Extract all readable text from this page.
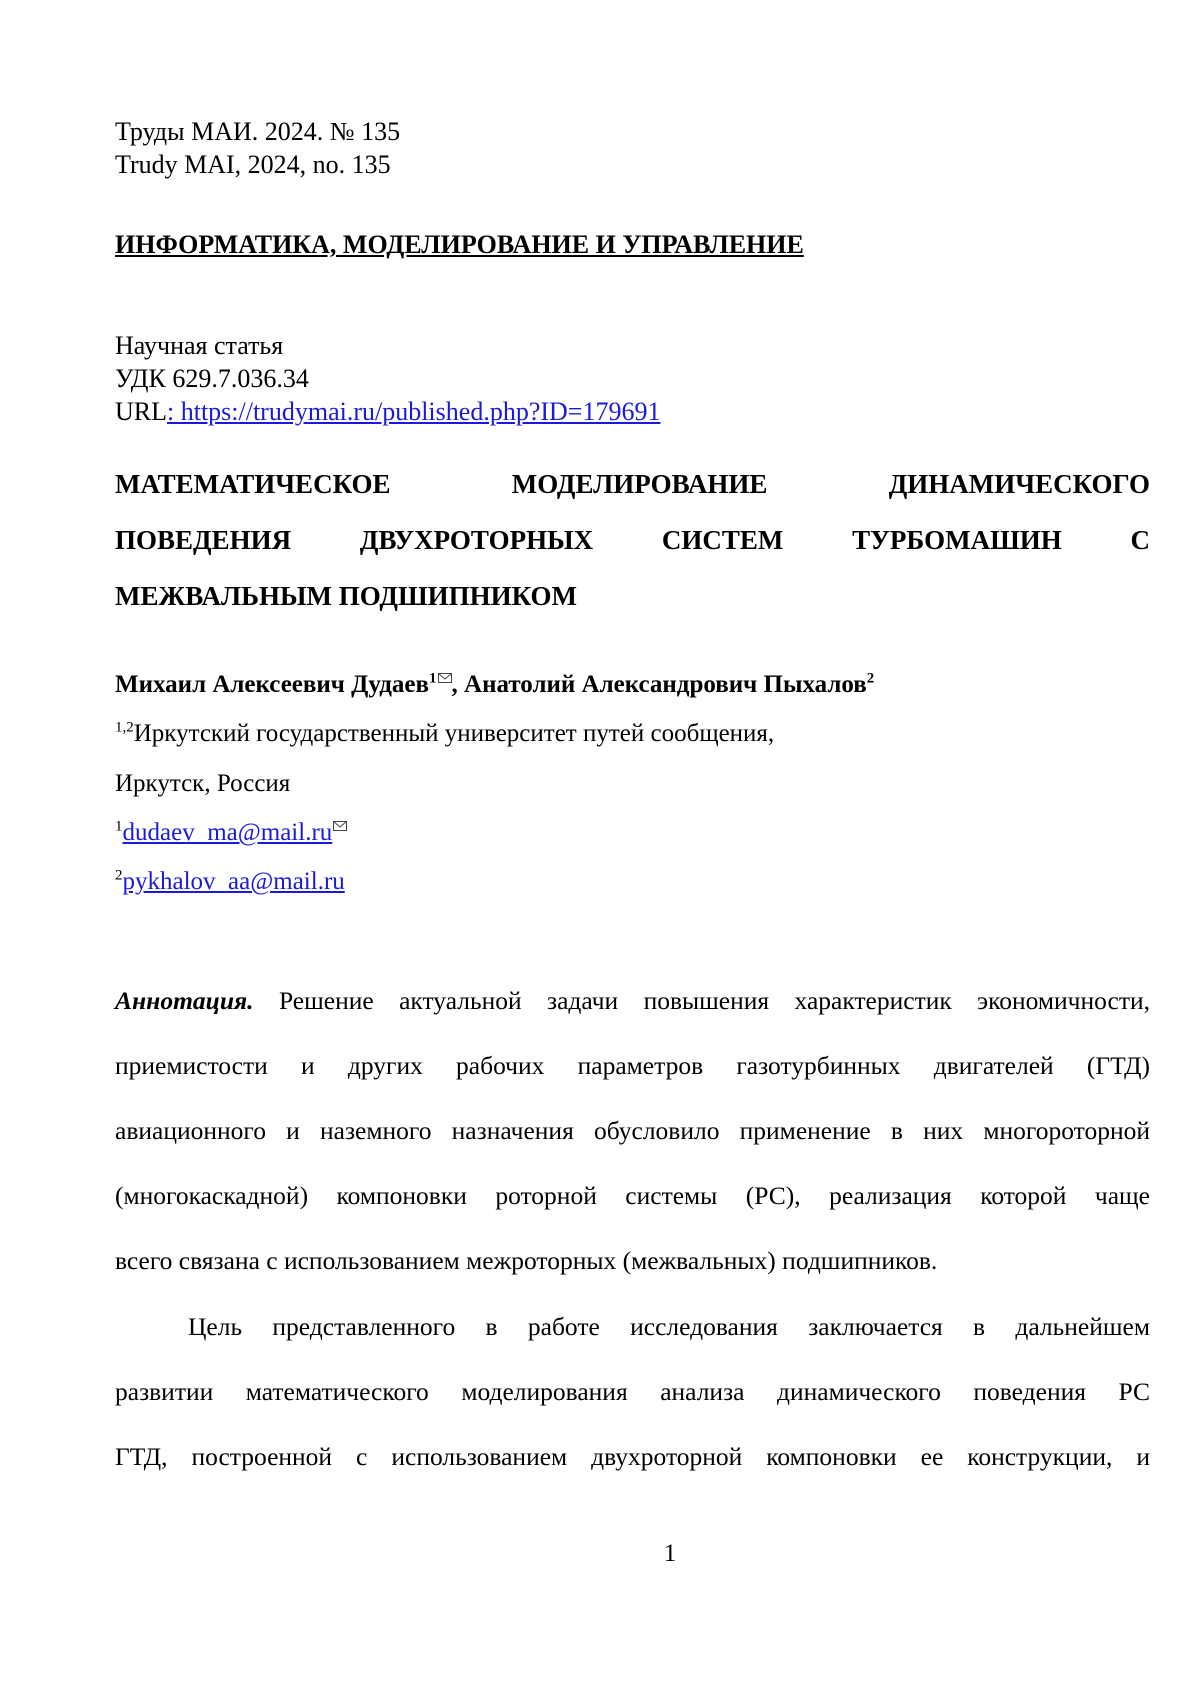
Труды МАИ. 2024. № 135
Trudy MAI, 2024, no. 135
ИНФОРМАТИКА, МОДЕЛИРОВАНИЕ И УПРАВЛЕНИЕ
Научная статья
УДК 629.7.036.34
URL: https://trudymai.ru/published.php?ID=179691
МАТЕМАТИЧЕСКОЕ МОДЕЛИРОВАНИЕ ДИНАМИЧЕСКОГО
ПОВЕДЕНИЯ ДВУХРОТОРНЫХ СИСТЕМ ТУРБОМАШИН С
МЕЖВАЛЬНЫМ ПОДШИПНИКОМ
Михаил Алексеевич Дудаев$^1$ , Анатолий Александрович Пыхалов$^2$
$^{1,2}$Иркутский государственный университет путей сообщения,
Иркутск, Россия
$^1$dudaev_ma@mail.ru
$^2$pykhalov_aa@mail.ru
Аннотация. Решение актуальной задачи повышения характеристик экономичности,
приемистости и других рабочих параметров газотурбинных двигателей (ГТД)
авиационного и наземного назначения обусловило применение в них многороторной
(многокаскадной) компоновки роторной системы (РС), реализация которой чаще
всего связана с использованием межроторных (межвальных) подшипников.
Цель представленного в работе исследования заключается в дальнейшем
развитии математического моделирования анализа динамического поведения РС
ГТД, построенной с использованием двухроторной компоновки ее конструкции, и
1
